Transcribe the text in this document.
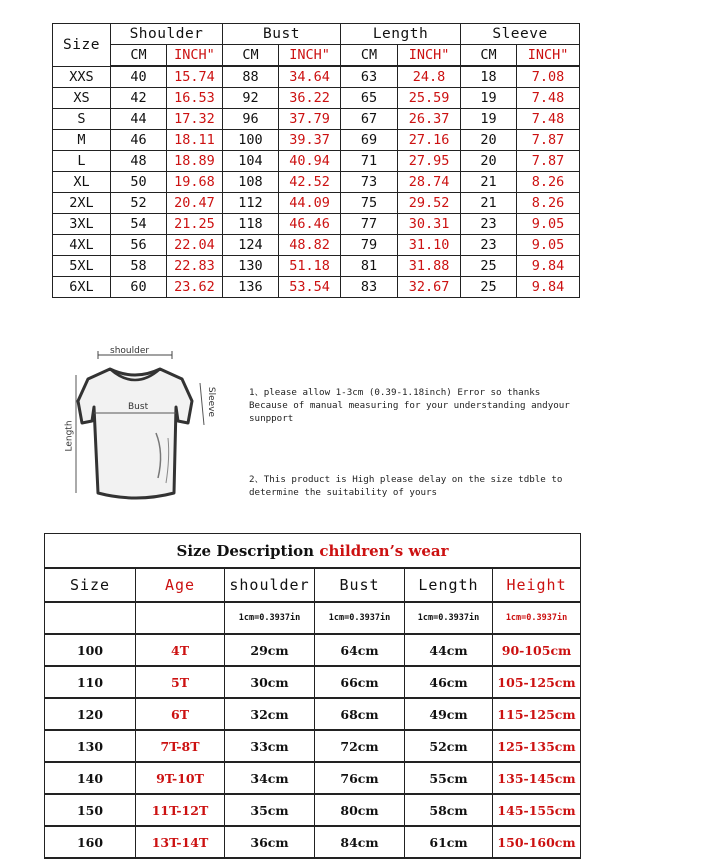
Size	Shoulder		Bust		Length		Sleeve	
	CM	INCH"	CM	INCH"	CM	INCH"	CM	INCH"
XXS	40	15.74	88	34.64	63	24.8	18	7.08
XS	42	16.53	92	36.22	65	25.59	19	7.48
S	44	17.32	96	37.79	67	26.37	19	7.48
M	46	18.11	100	39.37	69	27.16	20	7.87
L	48	18.89	104	40.94	71	27.95	20	7.87
XL	50	19.68	108	42.52	73	28.74	21	8.26
2XL	52	20.47	112	44.09	75	29.52	21	8.26
3XL	54	21.25	118	46.46	77	30.31	23	9.05
4XL	56	22.04	124	48.82	79	31.10	23	9.05
5XL	58	22.83	130	51.18	81	31.88	25	9.84
6XL	60	23.62	136	53.54	83	32.67	25	9.84
shoulder
Bust
Length
Sleeve	1、please allow 1-3cm (0.39-1.18inch) Error so thanks
Because of manual measuring for your understanding andyour
sunpport
2、This product is High please delay on the size tdble to
determine the suitability of yours
Size Description children’s wear					
Size	Age	shoulder	Bust	Length	Height
		1cm=0.3937in	1cm=0.3937in	1cm=0.3937in	1cm=0.3937in
100	4T	29cm	64cm	44cm	90-105cm
110	5T	30cm	66cm	46cm	105-125cm
120	6T	32cm	68cm	49cm	115-125cm
130	7T-8T	33cm	72cm	52cm	125-135cm
140	9T-10T	34cm	76cm	55cm	135-145cm
150	11T-12T	35cm	80cm	58cm	145-155cm
160	13T-14T	36cm	84cm	61cm	150-160cm
